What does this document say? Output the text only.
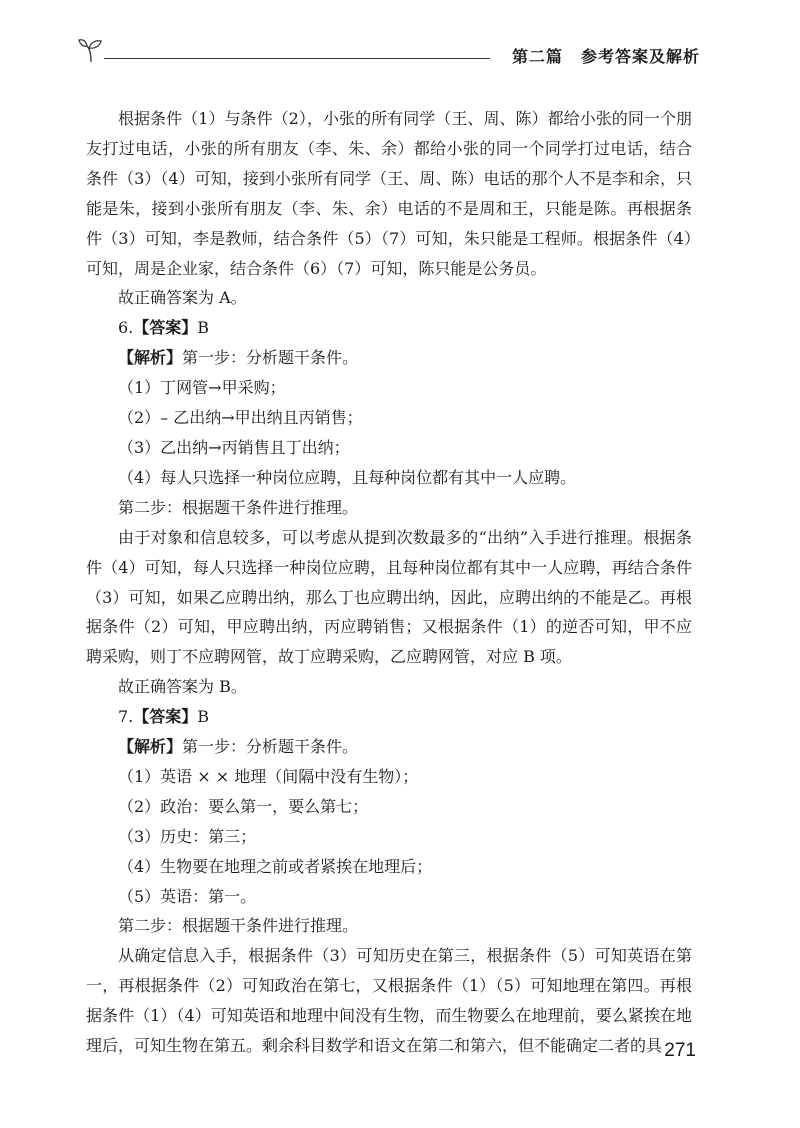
第二篇 参考答案及解析

根据条件（1）与条件（2），小张的所有同学（王、周、陈）都给小张的同一个朋友打过电话，小张的所有朋友（李、朱、余）都给小张的同一个同学打过电话，结合条件（3）（4）可知，接到小张所有同学（王、周、陈）电话的那个人不是李和余，只能是朱，接到小张所有朋友（李、朱、余）电话的不是周和王，只能是陈。再根据条件（3）可知，李是教师，结合条件（5）（7）可知，朱只能是工程师。根据条件（4）可知，周是企业家，结合条件（6）（7）可知，陈只能是公务员。

故正确答案为 A。

6.【答案】B

【解析】第一步：分析题干条件。

（1）丁网管→甲采购；

（2）– 乙出纳→甲出纳且丙销售；

（3）乙出纳→丙销售且丁出纳；

（4）每人只选择一种岗位应聘，且每种岗位都有其中一人应聘。

第二步：根据题干条件进行推理。

由于对象和信息较多，可以考虑从提到次数最多的“出纳”入手进行推理。根据条件（4）可知，每人只选择一种岗位应聘，且每种岗位都有其中一人应聘，再结合条件（3）可知，如果乙应聘出纳，那么丁也应聘出纳，因此，应聘出纳的不能是乙。再根据条件（2）可知，甲应聘出纳，丙应聘销售；又根据条件（1）的逆否可知，甲不应聘采购，则丁不应聘网管，故丁应聘采购，乙应聘网管，对应 B 项。

故正确答案为 B。

7.【答案】B

【解析】第一步：分析题干条件。

（1）英语 × × 地理（间隔中没有生物）；

（2）政治：要么第一，要么第七；

（3）历史：第三；

（4）生物要在地理之前或者紧挨在地理后；

（5）英语：第一。

第二步：根据题干条件进行推理。

从确定信息入手，根据条件（3）可知历史在第三，根据条件（5）可知英语在第一，再根据条件（2）可知政治在第七，又根据条件（1）（5）可知地理在第四。再根据条件（1）（4）可知英语和地理中间没有生物，而生物要么在地理前，要么紧挨在地理后，可知生物在第五。剩余科目数学和语文在第二和第六，但不能确定二者的具 271
